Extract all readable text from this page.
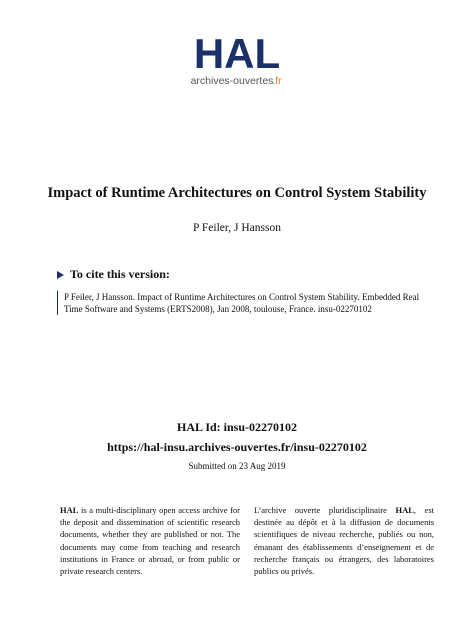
HAL
archives-ouvertes
.fr
Impact of Runtime Architectures on Control System Stability
P Feiler, J Hansson
To cite this version:
P Feiler, J Hansson. Impact of Runtime Architectures on Control System Stability. Embedded Real Time Software and Systems (ERTS2008), Jan 2008, toulouse, France. insu-02270102
HAL Id: insu-02270102
https://hal-insu.archives-ouvertes.fr/insu-02270102
Submitted on 23 Aug 2019
HAL is a multi-disciplinary open access archive for the deposit and dissemination of scientific research documents, whether they are published or not. The documents may come from teaching and research institutions in France or abroad, or from public or private research centers.
L’archive ouverte pluridisciplinaire HAL, est destinée au dépôt et à la diffusion de documents scientifiques de niveau recherche, publiés ou non, émanant des établissements d’enseignement et de recherche français ou étrangers, des laboratoires publics ou privés.
